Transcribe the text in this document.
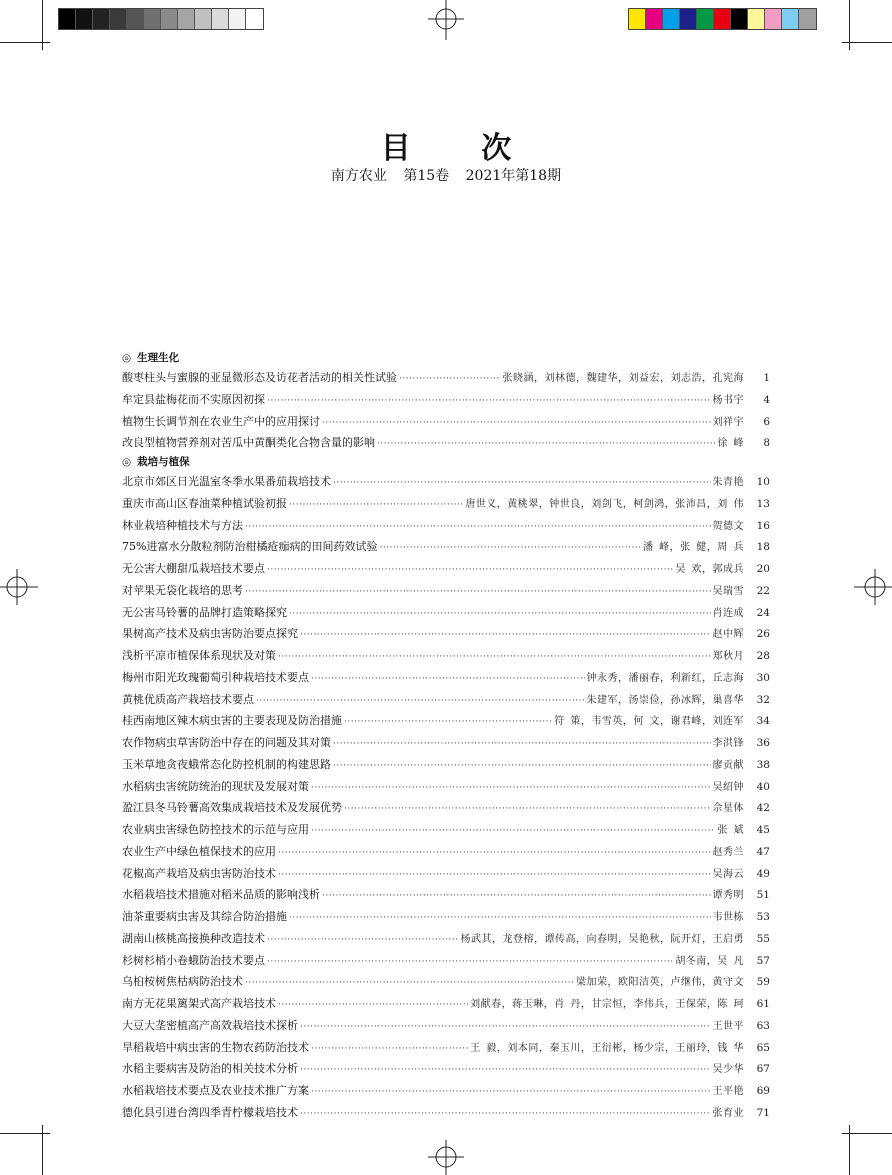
目 次
南方农业 第15卷 2021年第18期
◎ 生理生化
酸枣柱头与蜜腺的亚显微形态及访花者活动的相关性试验 ·····	张晓涵，刘林德，魏建华，刘益宏，刘志浩，孔宪海	1
牟定县盐梅花而不实原因初探 ·····	杨书宇	4
植物生长调节剂在农业生产中的应用探讨 ·····	刘祥宇	6
改良型植物营养剂对苦瓜中黄酮类化合物含量的影响 ·····	徐 峰	8
◎ 栽培与植保
北京市郊区日光温室冬季水果番茄栽培技术 ·····	朱青艳	10
重庆市高山区春油菜种植试验初报 ·····	唐世义，黄桃翠，钟世良，刘剑飞，柯剑鸿，张沛昌，刘 伟	13
林业栽培种植技术与方法 ·····	贺德文	16
75%进富水分散粒剂防治柑橘疮痂病的田间药效试验 ·····	潘 峰，张 健，周 兵	18
无公害大棚甜瓜栽培技术要点 ·····	吴 欢，郭成兵	20
对苹果无袋化栽培的思考 ·····	吴瑞雪	22
无公害马铃薯的品牌打造策略探究 ·····	肖连成	24
果树高产技术及病虫害防治要点探究 ·····	赵中辉	26
浅析平凉市植保体系现状及对策 ·····	郑秋月	28
梅州市阳光玫瑰葡萄引种栽培技术要点 ·····	钟永秀，潘丽春，利新红，丘志海	30
黄桃优质高产栽培技术要点 ·····	朱建军，汤崇俭，孙冰辉，巢喜华	32
桂西南地区辣木病虫害的主要表现及防治措施 ·····	符 策，韦雪英，何 文，谢君峰，刘连军	34
农作物病虫草害防治中存在的问题及其对策 ·····	李洪锋	36
玉米草地贪夜蛾常态化防控机制的构建思路 ·····	廖贡献	38
水稻病虫害统防统治的现状及发展对策 ·····	吴绍钟	40
盈江县冬马铃薯高效集成栽培技术及发展优势 ·····	佘星体	42
农业病虫害绿色防控技术的示范与应用 ·····	张 斌	45
农业生产中绿色植保技术的应用 ·····	赵秀兰	47
花椒高产栽培及病虫害防治技术 ·····	吴海云	49
水稻栽培技术措施对稻米品质的影响浅析 ·····	谭秀明	51
油茶重要病虫害及其综合防治措施 ·····	韦世栋	53
湖南山核桃高接换种改造技术 ·····	杨武其，龙登榕，谭传高，向春明，吴艳秋，阮开灯，王启勇	55
杉树杉梢小卷蛾防治技术要点 ·····	胡冬南，吴 凡	57
乌桕桉树焦枯病防治技术 ·····	梁加荣，欧阳洁英，卢继伟，黄守文	59
南方无花果篱架式高产栽培技术 ·····	刘献春，蒋玉琳，肖 丹，甘宗恒，李伟兵，王保荣，陈 珂	61
大豆大垄密植高产高效栽培技术探析 ·····	王世平	63
旱稻栽培中病虫害的生物农药防治技术 ·····	王 毅，刘本同，秦玉川，王衍彬，杨少宗，王丽玲，钱 华	65
水稻主要病害及防治的相关技术分析 ·····	吴少华	67
水稻栽培技术要点及农业技术推广方案 ·····	王平艳	69
德化县引进台湾四季青柠檬栽培技术 ·····	张育业	71
